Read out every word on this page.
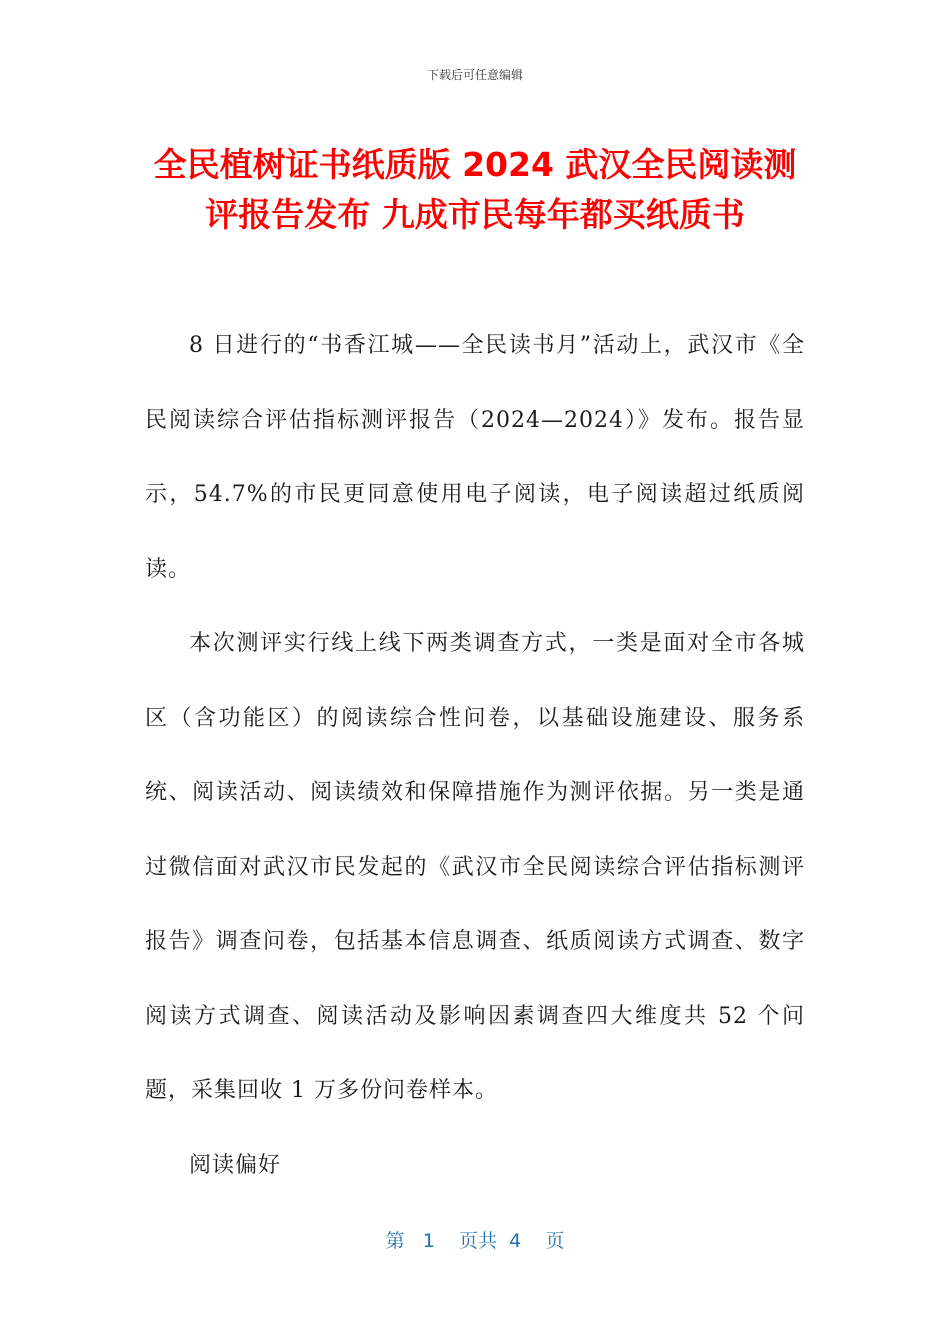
下载后可任意编辑
全民植树证书纸质版 2024 武汉全民阅读测评报告发布 九成市民每年都买纸质书

8 日进行的“书香江城——全民读书月”活动上，武汉市《全民阅读综合评估指标测评报告（2024—2024）》发布。报告显示，54.7%的市民更同意使用电子阅读，电子阅读超过纸质阅读。

本次测评实行线上线下两类调查方式，一类是面对全市各城区（含功能区）的阅读综合性问卷，以基础设施建设、服务系统、阅读活动、阅读绩效和保障措施作为测评依据。另一类是通过微信面对武汉市民发起的《武汉市全民阅读综合评估指标测评报告》调查问卷，包括基本信息调查、纸质阅读方式调查、数字阅读方式调查、阅读活动及影响因素调查四大维度共 52 个问题，采集回收 1 万多份问卷样本。

阅读偏好

第 1 页共 4 页
